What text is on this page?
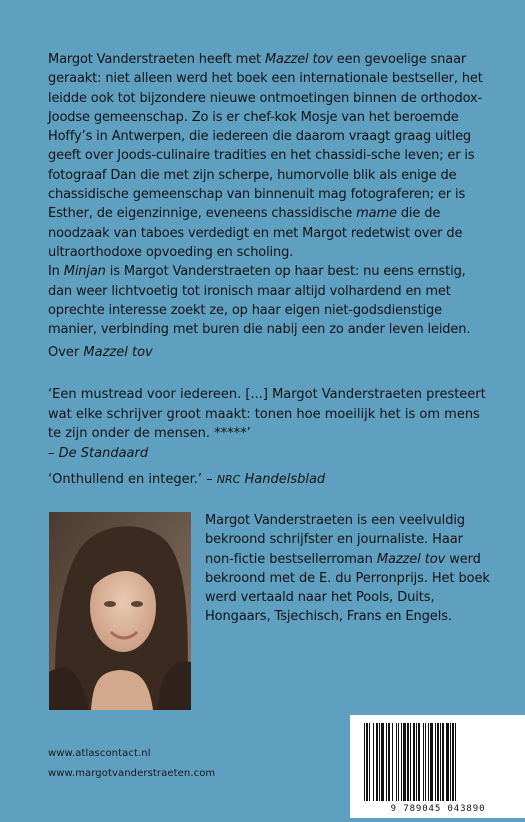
Margot Vanderstraeten heeft met Mazzel tov een gevoelige snaar geraakt: niet alleen werd het boek een internationale bestseller, het leidde ook tot bijzondere nieuwe ontmoetingen binnen de orthodox-Joodse gemeenschap. Zo is er chef-kok Mosje van het beroemde Hoffy’s in Antwerpen, die iedereen die daarom vraagt graag uitleg geeft over Joods-culinaire tradities en het chassidi-sche leven; er is fotograaf Dan die met zijn scherpe, humorvolle blik als enige de chassidische gemeenschap van binnenuit mag fotograferen; er is Esther, de eigenzinnige, eveneens chassidische mame die de noodzaak van taboes verdedigt en met Margot redetwist over de ultraorthodoxe opvoeding en scholing.

In Minjan is Margot Vanderstraeten op haar best: nu eens ernstig, dan weer lichtvoetig tot ironisch maar altijd volhardend en met oprechte interesse zoekt ze, op haar eigen niet-godsdienstige manier, verbinding met buren die nabij een zo ander leven leiden.

Over Mazzel tov
‘Een mustread voor iedereen. [...] Margot Vanderstraeten presteert wat elke schrijver groot maakt: tonen hoe moeilijk het is om mens te zijn onder de mensen. *****’
– De Standaard
‘Onthullend en integer.’ – NRC Handelsblad
Margot Vanderstraeten is een veelvuldig bekroond schrijfster en journaliste. Haar non-fictie bestsellerroman Mazzel tov werd bekroond met de E. du Perronprijs. Het boek werd vertaald naar het Pools, Duits, Hongaars, Tsjechisch, Frans en Engels.
www.atlascontact.nl
www.margotvanderstraeten.com
9 789045 043890
